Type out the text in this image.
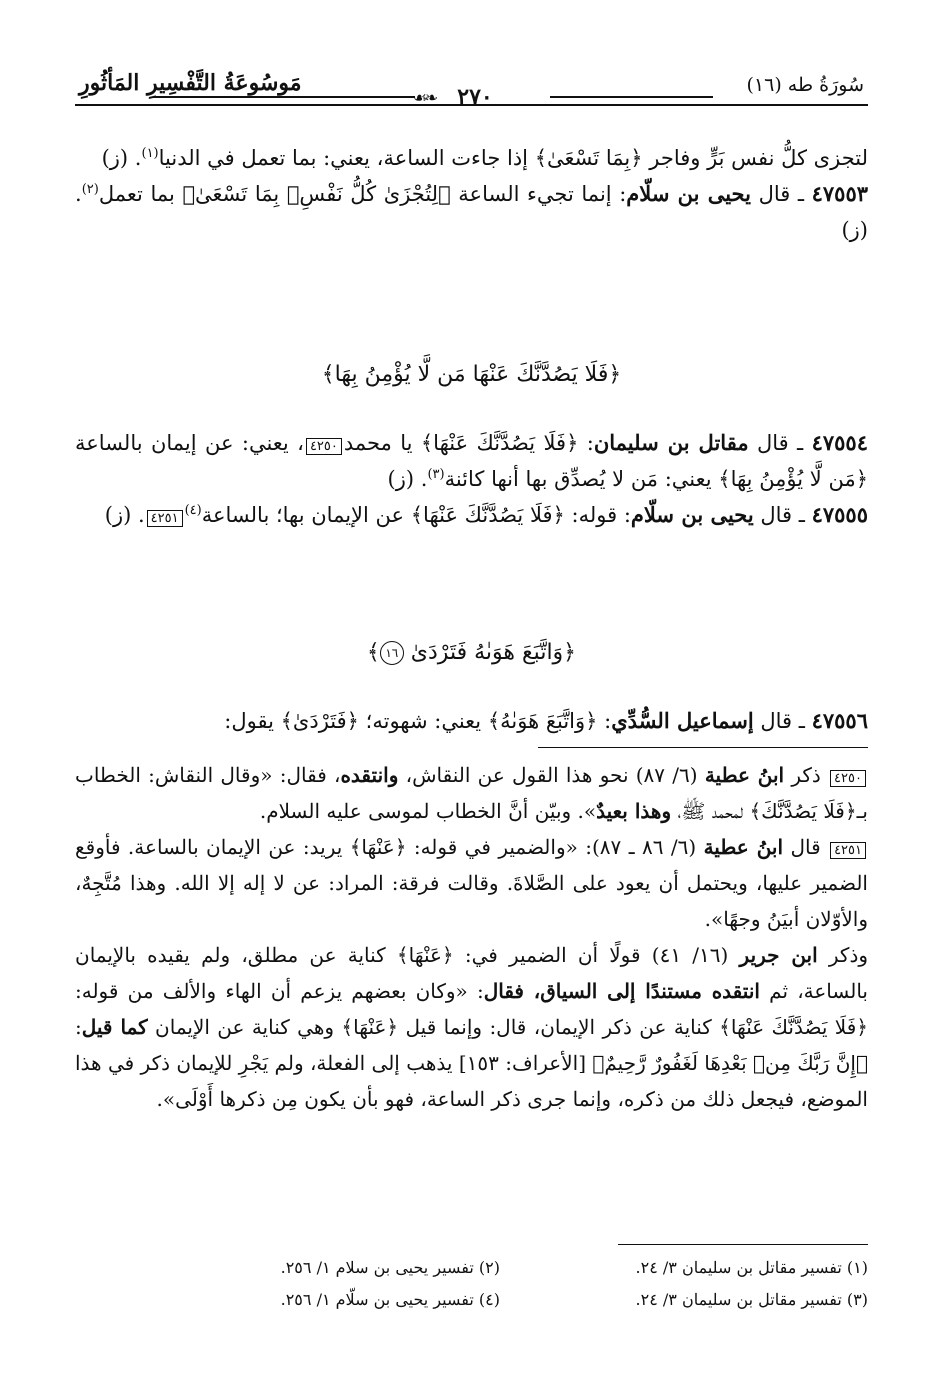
سُورَةُ طه (١٦)
مَوسُوعَةُ التَّفْسِيرِ المَأثُورِ
❧ ٢٧٠
☙

لتجزى كلُّ نفس بَرٍّ وفاجر ﴿بِمَا تَسْعَىٰ﴾ إذا جاءت الساعة، يعني: بما تعمل في الدنيا$^{(١)}$. (ز)

٤٧٥٥٣ ـ قال يحيى بن سلّام: إنما تجيء الساعة ﴿لِتُجْزَىٰ كُلُّ نَفْسِۭ بِمَا تَسْعَىٰ﴾ بما تعمل$^{(٢)}$. (ز)

﴿فَلَا يَصُدَّنَّكَ عَنْهَا مَن لَّا يُؤْمِنُ بِهَا﴾

٤٧٥٥٤ ـ قال مقاتل بن سليمان: ﴿فَلَا يَصُدَّنَّكَ عَنْهَا﴾ يا محمد٤٢٥٠، يعني: عن إيمان بالساعة ﴿مَن لَّا يُؤْمِنُ بِهَا﴾ يعني: مَن لا يُصدِّق بها أنها كائنة$^{(٣)}$. (ز)

٤٧٥٥٥ ـ قال يحيى بن سلّام: قوله: ﴿فَلَا يَصُدَّنَّكَ عَنْهَا﴾ عن الإيمان بها؛ بالساعة$^{(٤)}$٤٢٥١. (ز)

﴿وَاتَّبَعَ هَوَىٰهُ فَتَرْدَىٰ ١٦﴾

٤٧٥٥٦ ـ قال إسماعيل السُّدِّي: ﴿وَاتَّبَعَ هَوَىٰهُ﴾ يعني: شهوته؛ ﴿فَتَرْدَىٰ﴾ يقول:

٤٢٥٠ ذكر ابنُ عطية (٦/ ٨٧) نحو هذا القول عن النقاش، وانتقده، فقال: «وقال النقاش: الخطاب بـ﴿فَلَا يَصُدَّنَّكَ﴾ لمحمد ﷺ، وهذا بعيدٌ». وبيّن أنَّ الخطاب لموسى عليه السلام.

٤٢٥١ قال ابنُ عطية (٦/ ٨٦ ـ ٨٧): «والضمير في قوله: ﴿عَنْهَا﴾ يريد: عن الإيمان بالساعة. فأوقع الضمير عليها، ويحتمل أن يعود على الصَّلاةَ. وقالت فرقة: المراد: عن لا إله إلا الله. وهذا مُتَّجِهٌ، والأوّلان أبيَنُ وجهًا».

وذكر ابن جرير (١٦/ ٤١) قولًا أن الضمير في: ﴿عَنْهَا﴾ كناية عن مطلق، ولم يقيده بالإيمان بالساعة، ثم انتقده مستندًا إلى السياق، فقال: «وكان بعضهم يزعم أن الهاء والألف من قوله: ﴿فَلَا يَصُدَّنَّكَ عَنْهَا﴾ كناية عن ذكر الإيمان، قال: وإنما قيل ﴿عَنْهَا﴾ وهي كناية عن الإيمان كما قيل: ﴿إِنَّ رَبَّكَ مِنۢ بَعْدِهَا لَغَفُورٌ رَّحِيمٌ﴾ [الأعراف: ١٥٣] يذهب إلى الفعلة، ولم يَجْرِ للإيمان ذكر في هذا الموضع، فيجعل ذلك من ذكره، وإنما جرى ذكر الساعة، فهو بأن يكون مِن ذكرها أَوْلَى».

(١) تفسير مقاتل بن سليمان ٣/ ٢٤.
(٣) تفسير مقاتل بن سليمان ٣/ ٢٤.
(٢) تفسير يحيى بن سلام ١/ ٢٥٦.
(٤) تفسير يحيى بن سلّام ١/ ٢٥٦.
